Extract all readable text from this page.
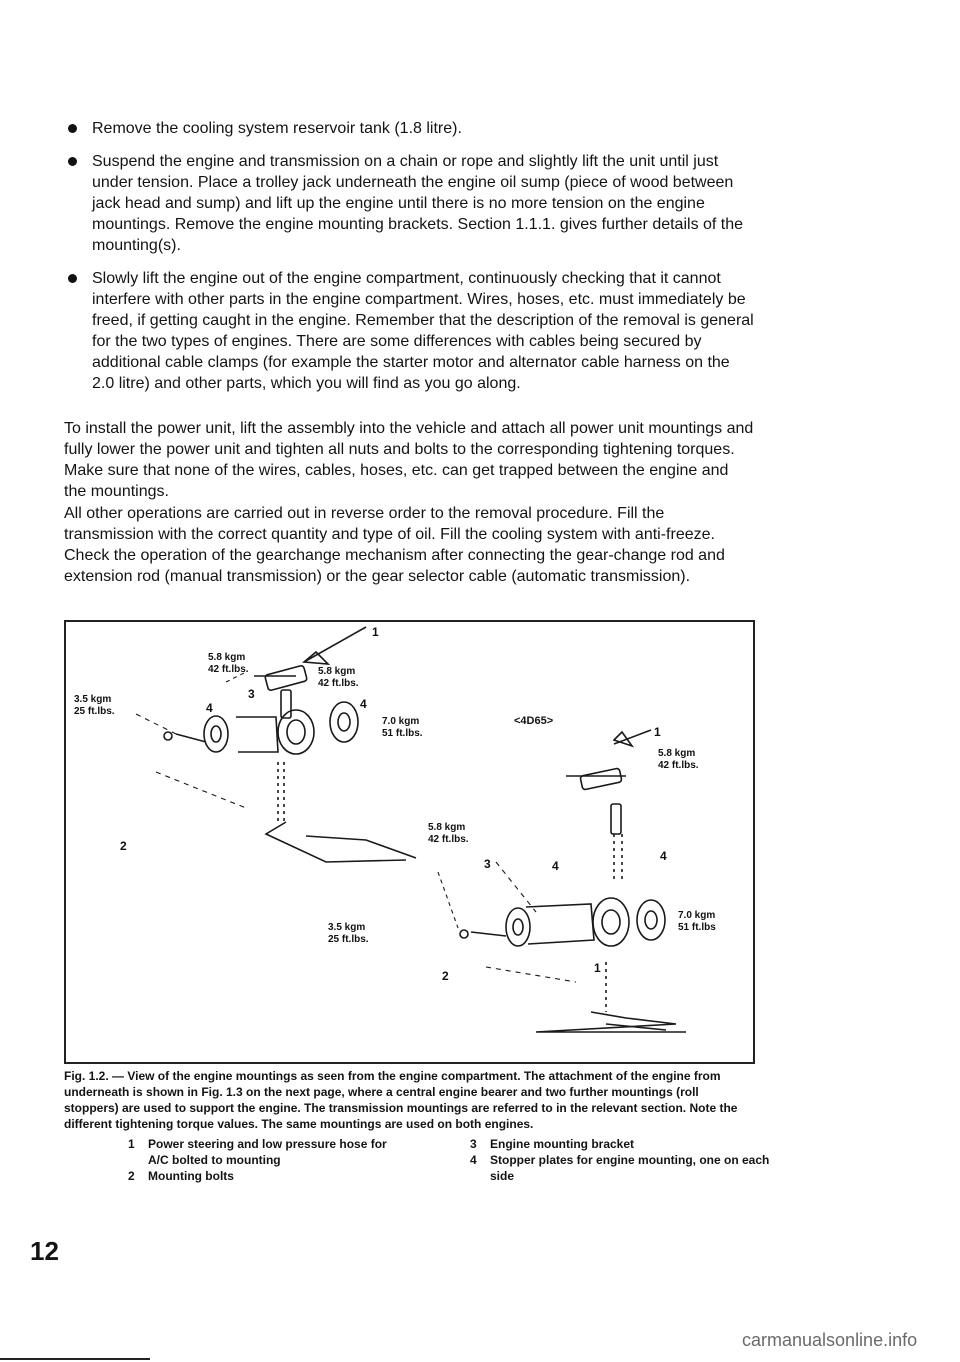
Remove the cooling system reservoir tank (1.8 litre).
Suspend the engine and transmission on a chain or rope and slightly lift the unit until just under tension. Place a trolley jack underneath the engine oil sump (piece of wood between jack head and sump) and lift up the engine until there is no more tension on the engine mountings. Remove the engine mounting brackets. Section 1.1.1. gives further details of the mounting(s).
Slowly lift the engine out of the engine compartment, continuously checking that it cannot interfere with other parts in the engine compartment. Wires, hoses, etc. must immediately be freed, if getting caught in the engine. Remember that the description of the removal is general for the two types of engines. There are some differences with cables being secured by additional cable clamps (for example the starter motor and alternator cable harness on the 2.0 litre) and other parts, which you will find as you go along.
To install the power unit, lift the assembly into the vehicle and attach all power unit mountings and fully lower the power unit and tighten all nuts and bolts to the corresponding tightening torques. Make sure that none of the wires, cables, hoses, etc. can get trapped between the engine and the mountings.
All other operations are carried out in reverse order to the removal procedure. Fill the transmission with the correct quantity and type of oil. Fill the cooling system with anti-freeze. Check the operation of the gearchange mechanism after connecting the gear-change rod and extension rod (manual transmission) or the gear selector cable (automatic transmission).
5.8 kgm
42 ft.lbs.	5.8 kgm
42 ft.lbs.
3.5 kgm
25 ft.lbs.
7.0 kgm
51 ft.lbs.
1
3
4	4
2
<4D65>
1
5.8 kgm
42 ft.lbs.
5.8 kgm
42 ft.lbs.
3	4
4
7.0 kgm
51 ft.lbs
3.5 kgm
25 ft.lbs.
2
1
Fig. 1.2. — View of the engine mountings as seen from the engine compartment. The attachment of the engine from underneath is shown in Fig. 1.3 on the next page, where a central engine bearer and two further mountings (roll stoppers) are used to support the engine. The transmission mountings are referred to in the relevant section. Note the different tightening torque values. The same mountings are used on both engines.
1 Power steering and low pressure hose for A/C bolted to mounting
2 Mounting bolts
3 Engine mounting bracket
4 Stopper plates for engine mounting, one on each side
12
carmanualsonline.info
